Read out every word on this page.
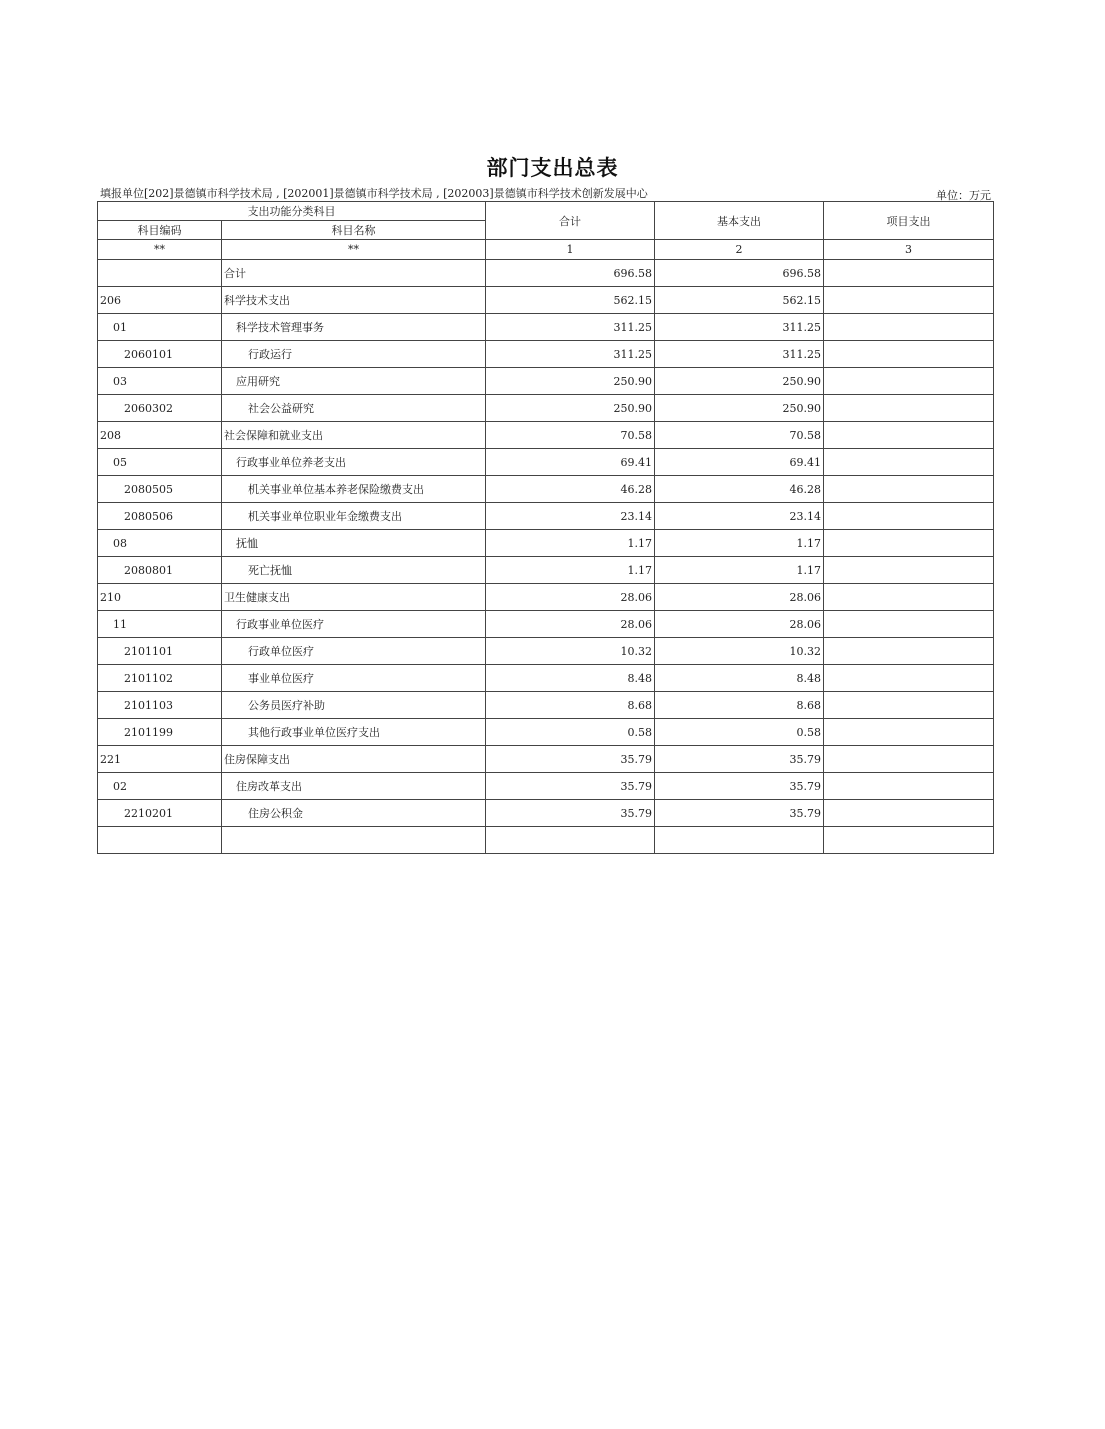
部门支出总表
填报单位[202]景德镇市科学技术局 , [202001]景德镇市科学技术局 , [202003]景德镇市科学技术创新发展中心	单位：万元
支出功能分类科目		合计	基本支出	项目支出
科目编码	科目名称			
**	**	1	2	3
	合计	696.58	696.58	
206	科学技术支出	562.15	562.15	
01	科学技术管理事务	311.25	311.25	
2060101	行政运行	311.25	311.25	
03	应用研究	250.90	250.90	
2060302	社会公益研究	250.90	250.90	
208	社会保障和就业支出	70.58	70.58	
05	行政事业单位养老支出	69.41	69.41	
2080505	机关事业单位基本养老保险缴费支出	46.28	46.28	
2080506	机关事业单位职业年金缴费支出	23.14	23.14	
08	抚恤	1.17	1.17	
2080801	死亡抚恤	1.17	1.17	
210	卫生健康支出	28.06	28.06	
11	行政事业单位医疗	28.06	28.06	
2101101	行政单位医疗	10.32	10.32	
2101102	事业单位医疗	8.48	8.48	
2101103	公务员医疗补助	8.68	8.68	
2101199	其他行政事业单位医疗支出	0.58	0.58	
221	住房保障支出	35.79	35.79	
02	住房改革支出	35.79	35.79	
2210201	住房公积金	35.79	35.79	
